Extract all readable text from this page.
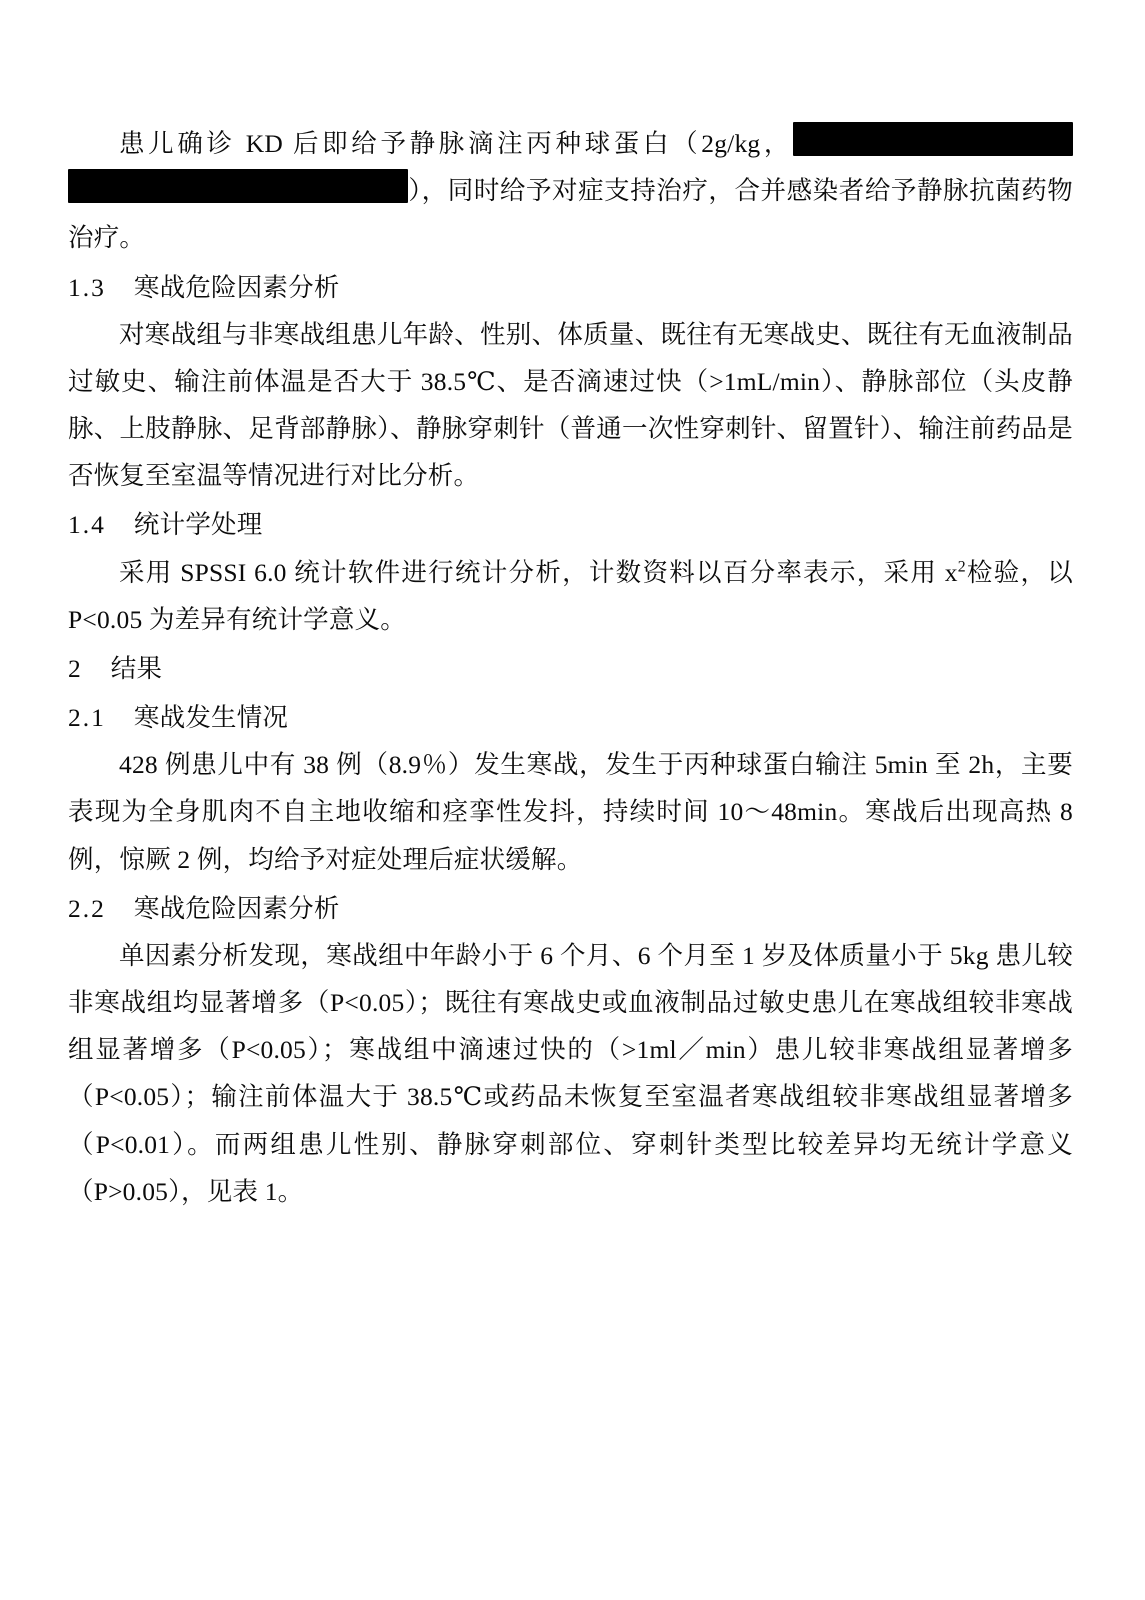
患儿确诊 KD 后即给予静脉滴注丙种球蛋白（2g/kg，），同时给予对症支持治疗，合并感染者给予静脉抗菌药物治疗。

1.3 寒战危险因素分析

对寒战组与非寒战组患儿年龄、性别、体质量、既往有无寒战史、既往有无血液制品过敏史、输注前体温是否大于 38.5℃、是否滴速过快（>1mL/min）、静脉部位（头皮静脉、上肢静脉、足背部静脉）、静脉穿刺针（普通一次性穿刺针、留置针）、输注前药品是否恢复至室温等情况进行对比分析。

1.4 统计学处理

采用 SPSSI 6.0 统计软件进行统计分析，计数资料以百分率表示，采用 $x^2$检验，以 P<0.05 为差异有统计学意义。

2 结果

2.1 寒战发生情况

428 例患儿中有 38 例（8.9％）发生寒战，发生于丙种球蛋白输注 5min 至 2h，主要表现为全身肌肉不自主地收缩和痉挛性发抖，持续时间 10～48min。寒战后出现高热 8 例，惊厥 2 例，均给予对症处理后症状缓解。

2.2 寒战危险因素分析

单因素分析发现，寒战组中年龄小于 6 个月、6 个月至 1 岁及体质量小于 5kg 患儿较非寒战组均显著增多（P<0.05）；既往有寒战史或血液制品过敏史患儿在寒战组较非寒战组显著增多（P<0.05）；寒战组中滴速过快的（>1ml／min）患儿较非寒战组显著增多（P<0.05）；输注前体温大于 38.5℃或药品未恢复至室温者寒战组较非寒战组显著增多（P<0.01）。而两组患儿性别、静脉穿刺部位、穿刺针类型比较差异均无统计学意义（P>0.05），见表 1。
